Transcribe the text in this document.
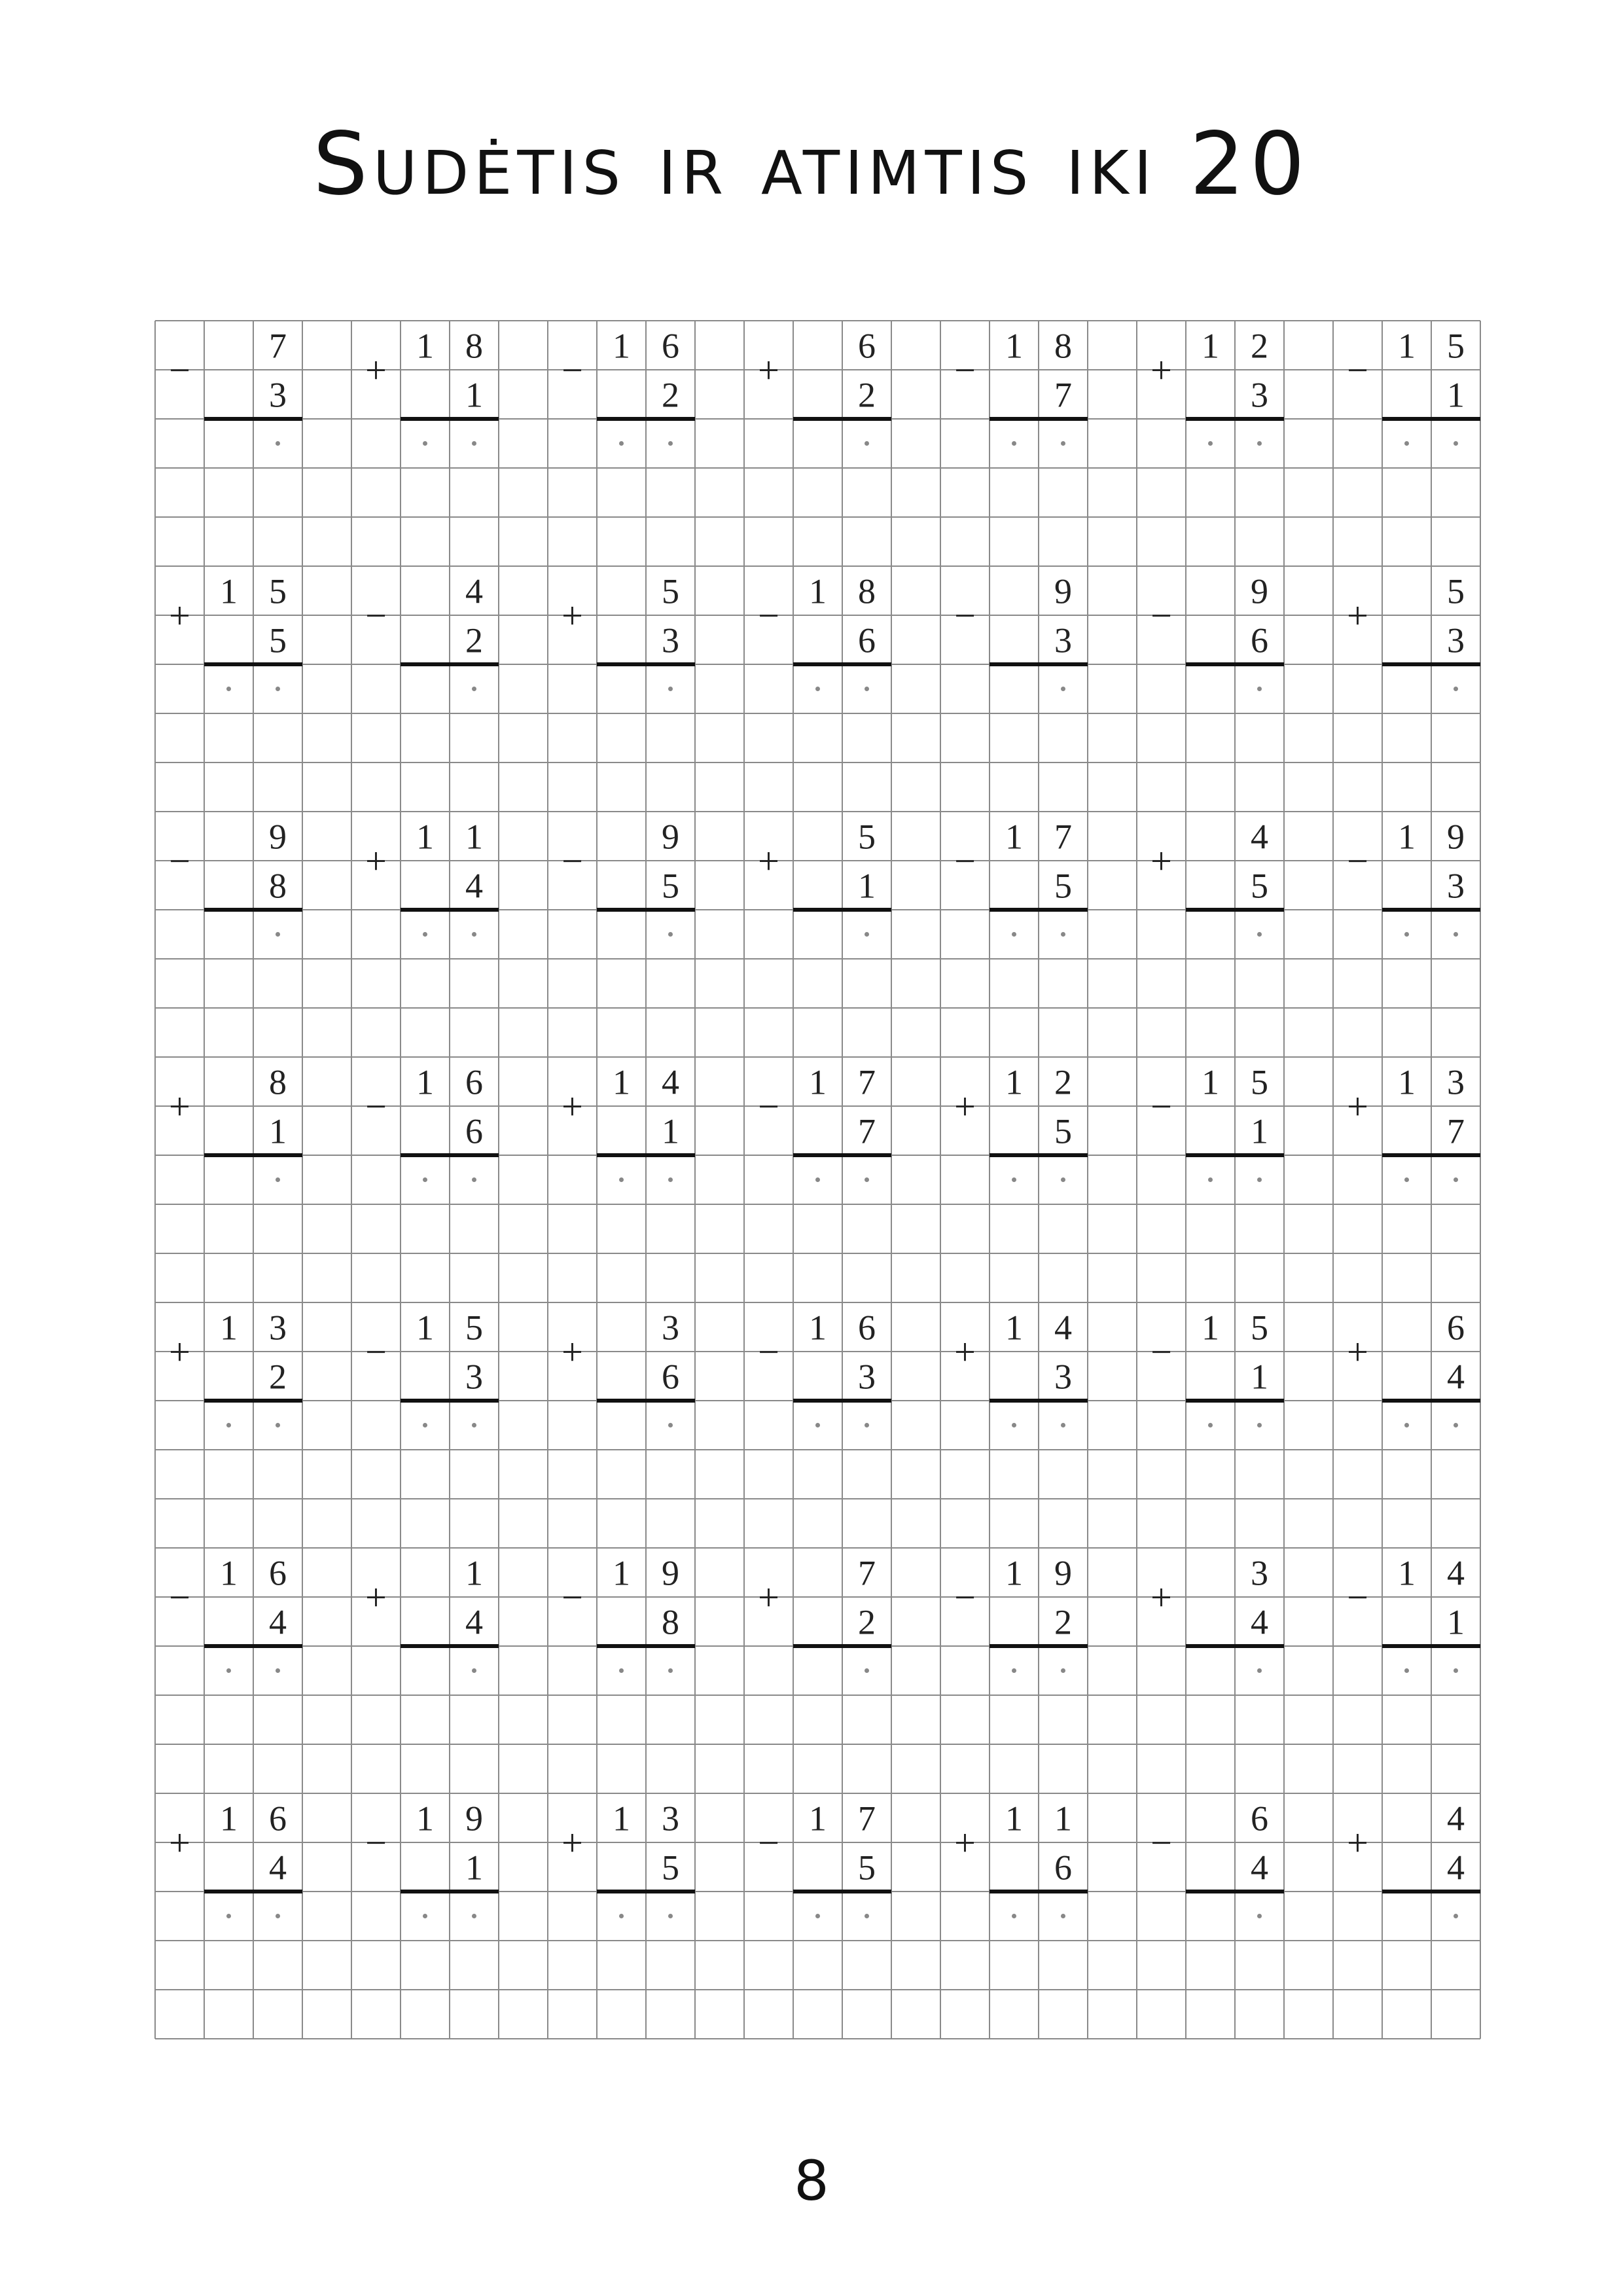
Sudėtis ir atimtis iki 20
−
7
3
+
1 8
1
−
1 6
2
+
6
2
−
1 8
7
+
1 2
3
−
1 5
1
+
1 5
5
−
4
2
+
5
3
−
1 8
6
−
9
3
−
9
6
+
5
3
−
9
8
+
1 1
4
−
9
5
+
5
1
−
1 7
5
+
4
5
−
1 9
3
+
8
1
−
1 6
6
+
1 4
1
−
1 7
7
+
1 2
5
−
1 5
1
+
1 3
7
+
1 3
2
−
1 5
3
+
3
6
−
1 6
3
+
1 4
3
−
1 5
1
+
6
4
−
1 6
4
+
1
4
−
1 9
8
+
7
2
−
1 9
2
+
3
4
−
1 4
1
+
1 6
4
−
1 9
1
+
1 3
5
−
1 7
5
+
1 1
6
−
6
4
+
4
4
8
